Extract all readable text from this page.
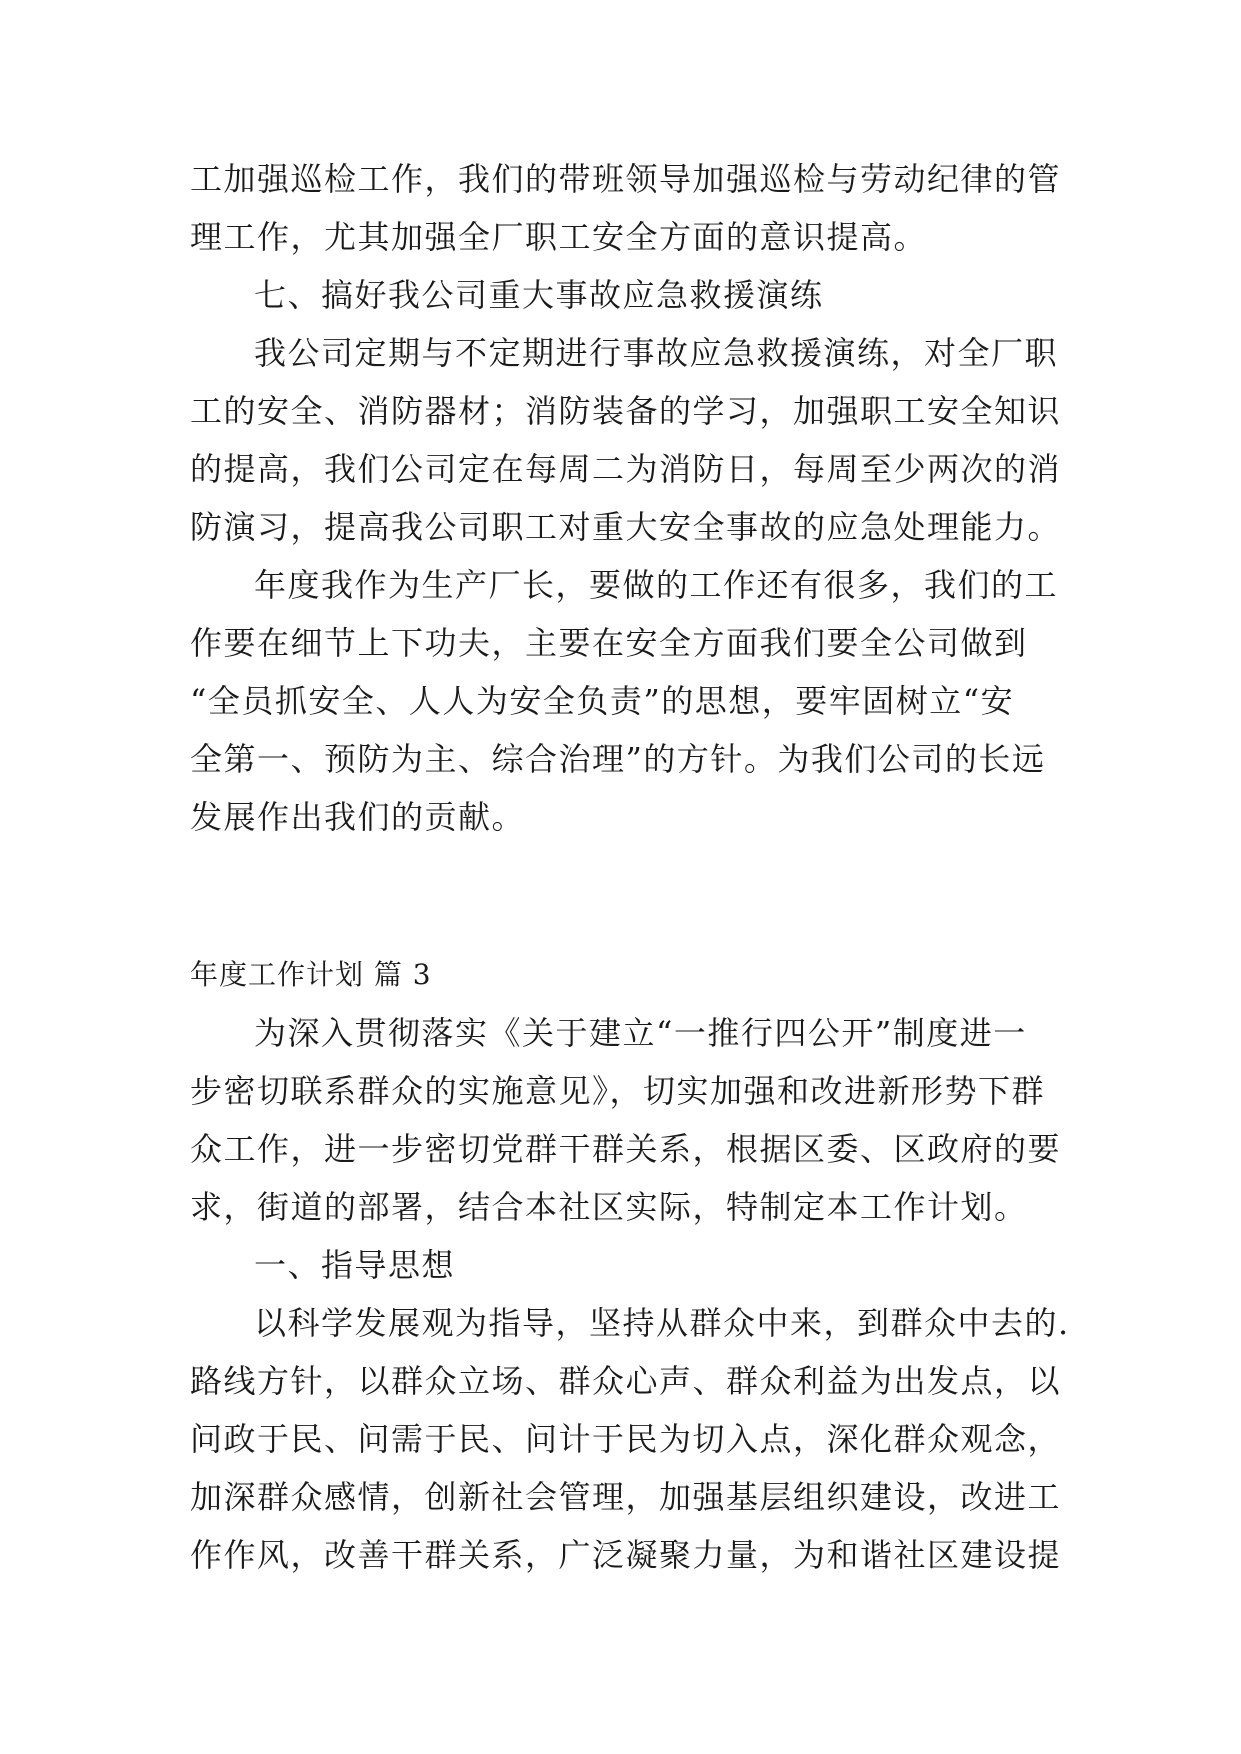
工加强巡检工作，我们的带班领导加强巡检与劳动纪律的管
理工作，尤其加强全厂职工安全方面的意识提高。
七、搞好我公司重大事故应急救援演练
我公司定期与不定期进行事故应急救援演练，对全厂职
工的安全、消防器材；消防装备的学习，加强职工安全知识
的提高，我们公司定在每周二为消防日，每周至少两次的消
防演习，提高我公司职工对重大安全事故的应急处理能力。
年度我作为生产厂长，要做的工作还有很多，我们的工
作要在细节上下功夫，主要在安全方面我们要全公司做到
“全员抓安全、人人为安全负责”的思想，要牢固树立“安
全第一、预防为主、综合治理”的方针。为我们公司的长远
发展作出我们的贡献。
年度工作计划 篇 3
为深入贯彻落实《关于建立“一推行四公开”制度进一
步密切联系群众的实施意见》，切实加强和改进新形势下群
众工作，进一步密切党群干群关系，根据区委、区政府的要
求，街道的部署，结合本社区实际，特制定本工作计划。
一、指导思想
以科学发展观为指导，坚持从群众中来，到群众中去的.
路线方针，以群众立场、群众心声、群众利益为出发点，以
问政于民、问需于民、问计于民为切入点，深化群众观念，
加深群众感情，创新社会管理，加强基层组织建设，改进工
作作风，改善干群关系，广泛凝聚力量，为和谐社区建设提
